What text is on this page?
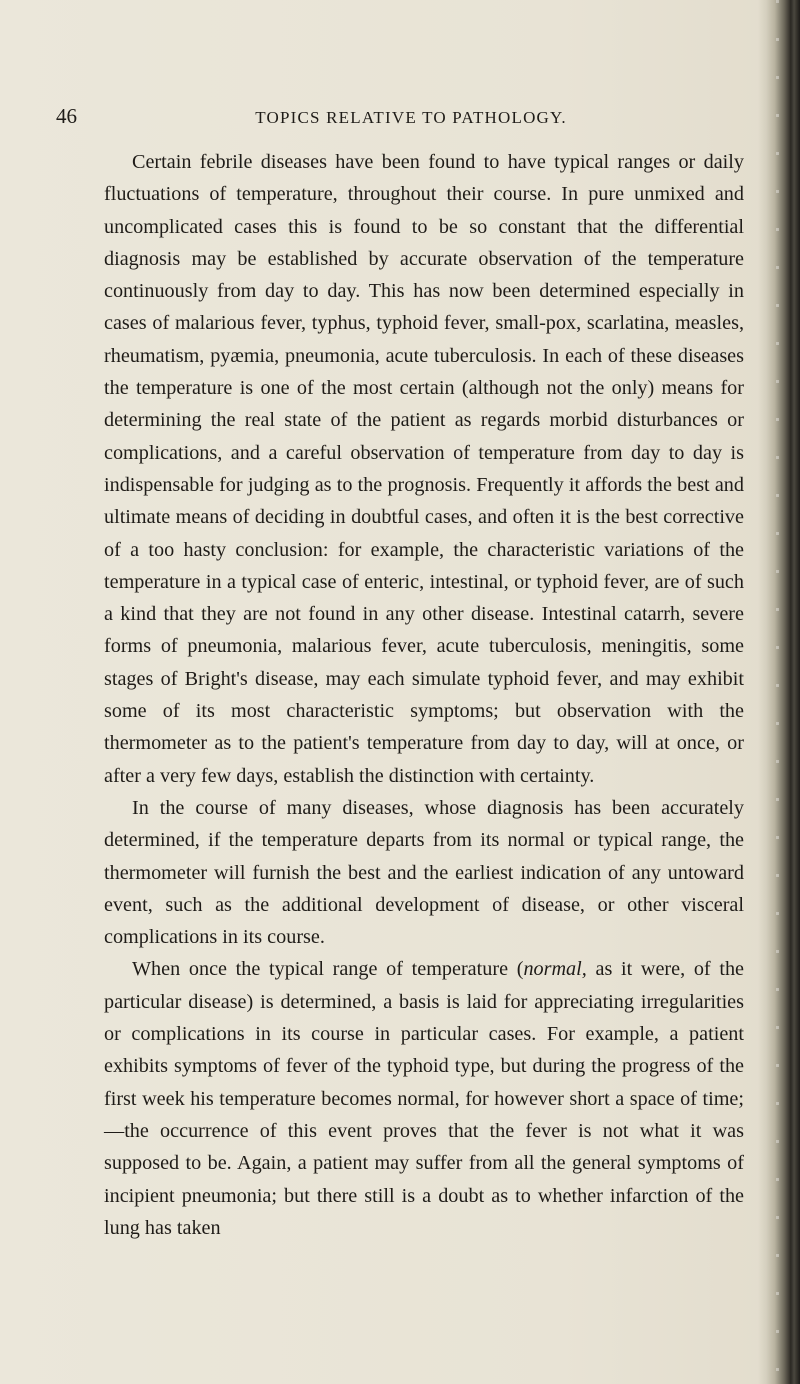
46	TOPICS RELATIVE TO PATHOLOGY.

Certain febrile diseases have been found to have typical ranges or daily fluctuations of temperature, throughout their course. In pure unmixed and uncomplicated cases this is found to be so constant that the differential diagnosis may be established by accurate observation of the temperature continuously from day to day. This has now been determined especially in cases of malarious fever, typhus, typhoid fever, small-pox, scarlatina, measles, rheumatism, pyæmia, pneumonia, acute tuberculosis. In each of these diseases the temperature is one of the most certain (although not the only) means for determining the real state of the patient as regards morbid disturbances or complications, and a careful observation of temperature from day to day is indispensable for judging as to the prognosis. Frequently it affords the best and ultimate means of deciding in doubtful cases, and often it is the best corrective of a too hasty conclusion: for example, the characteristic variations of the temperature in a typical case of enteric, intestinal, or typhoid fever, are of such a kind that they are not found in any other disease. Intestinal catarrh, severe forms of pneumonia, malarious fever, acute tuberculosis, meningitis, some stages of Bright's disease, may each simulate typhoid fever, and may exhibit some of its most characteristic symptoms; but observation with the thermometer as to the patient's temperature from day to day, will at once, or after a very few days, establish the distinction with certainty.

In the course of many diseases, whose diagnosis has been accurately determined, if the temperature departs from its normal or typical range, the thermometer will furnish the best and the earliest indication of any untoward event, such as the additional development of disease, or other visceral complications in its course.

When once the typical range of temperature (normal, as it were, of the particular disease) is determined, a basis is laid for appreciating irregularities or complications in its course in particular cases. For example, a patient exhibits symptoms of fever of the typhoid type, but during the progress of the first week his temperature becomes normal, for however short a space of time;—the occurrence of this event proves that the fever is not what it was supposed to be. Again, a patient may suffer from all the general symptoms of incipient pneumonia; but there still is a doubt as to whether infarction of the lung has taken
